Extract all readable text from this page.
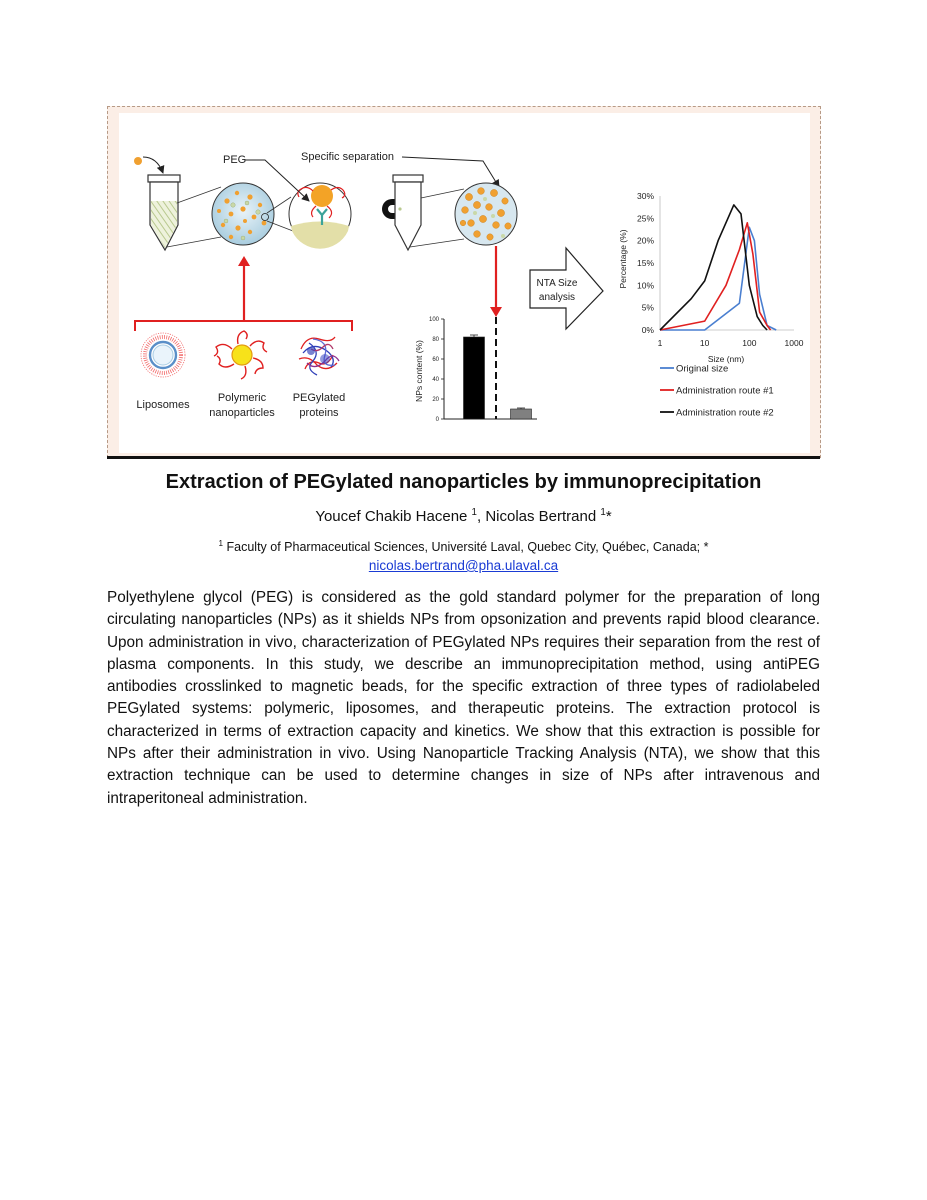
PEG	Specific separation
Liposomes
Polymeric
nanoparticles
PEGylated
proteins
NPs content (%)
0
20
40
60
80
100
NTA Size
analysis
Percentage (%)
Size (nm)
0%
5%
10%
15%
20%
25%
30%
1	10	100	1000
Original size
Administration route #1
Administration route #2
Extraction of PEGylated nanoparticles by immunoprecipitation
Youcef Chakib Hacene $^1$, Nicolas Bertrand $^1$*
$^1$ Faculty of Pharmaceutical Sciences, Université Laval, Quebec City, Québec, Canada; *
nicolas.bertrand@pha.ulaval.ca

Polyethylene glycol (PEG) is considered as the gold standard polymer for the preparation of long circulating nanoparticles (NPs) as it shields NPs from opsonization and prevents rapid blood clearance. Upon administration in vivo, characterization of PEGylated NPs requires their separation from the rest of plasma components. In this study, we describe an immunoprecipitation method, using antiPEG antibodies crosslinked to magnetic beads, for the specific extraction of three types of radiolabeled PEGylated systems: polymeric, liposomes, and therapeutic proteins. The extraction protocol is characterized in terms of extraction capacity and kinetics. We show that this extraction is possible for NPs after their administration in vivo. Using Nanoparticle Tracking Analysis (NTA), we show that this extraction technique can be used to determine changes in size of NPs after intravenous and intraperitoneal administration.
